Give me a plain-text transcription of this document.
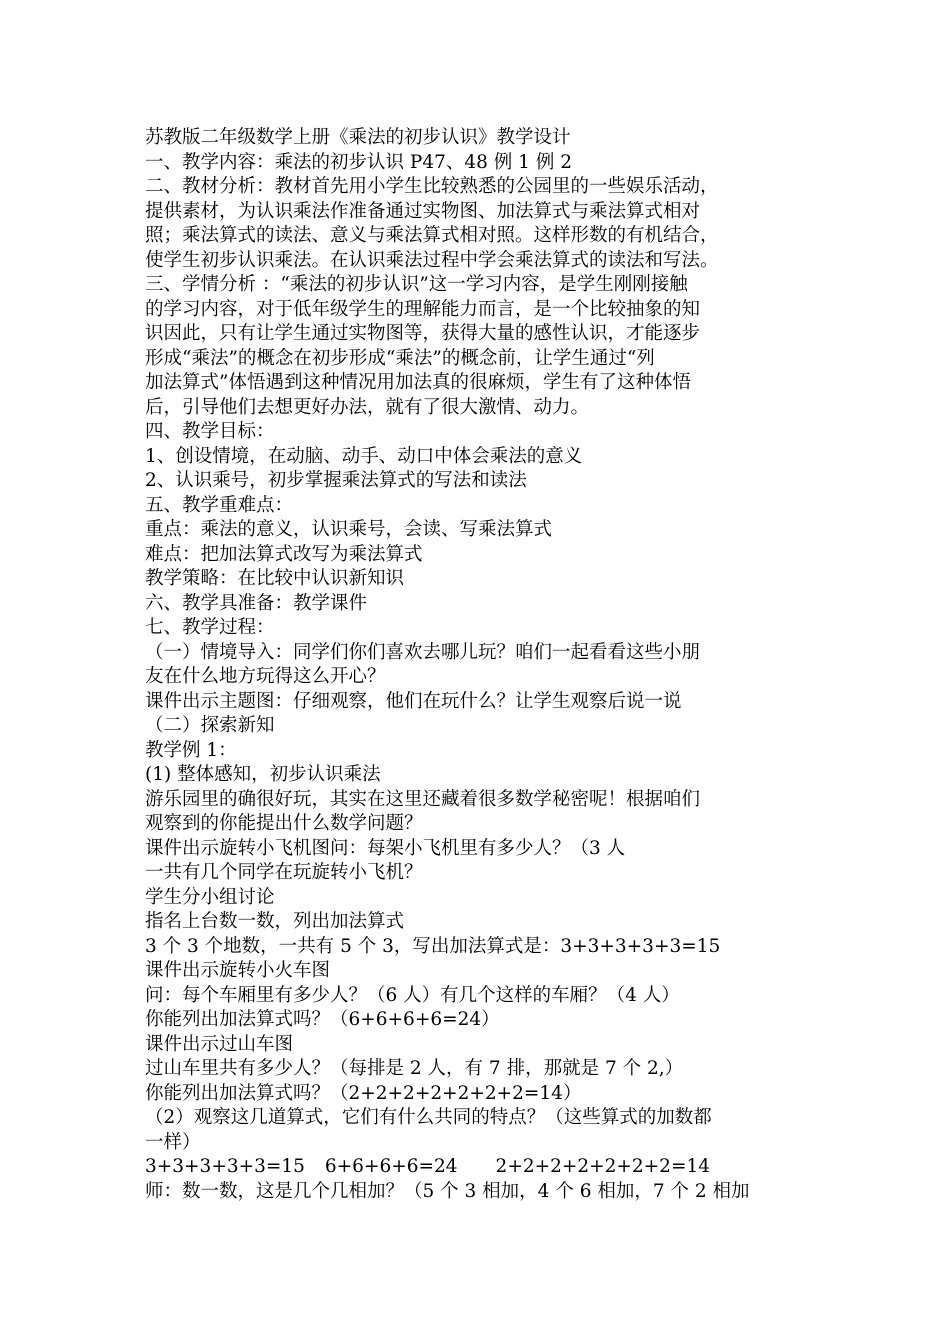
苏教版二年级数学上册《乘法的初步认识》教学设计
一、教学内容：乘法的初步认识 P47、48 例 1 例 2
二、教材分析：教材首先用小学生比较熟悉的公园里的一些娱乐活动，
提供素材，为认识乘法作准备通过实物图、加法算式与乘法算式相对
照；乘法算式的读法、意义与乘法算式相对照。这样形数的有机结合，
使学生初步认识乘法。在认识乘法过程中学会乘法算式的读法和写法。
三、学情分析 ：“乘法的初步认识”这一学习内容，是学生刚刚接触
的学习内容，对于低年级学生的理解能力而言，是一个比较抽象的知
识因此，只有让学生通过实物图等，获得大量的感性认识，才能逐步
形成“乘法”的概念在初步形成“乘法”的概念前，让学生通过“列
加法算式”体悟遇到这种情况用加法真的很麻烦，学生有了这种体悟
后，引导他们去想更好办法，就有了很大激情、动力。
四、教学目标：
1、创设情境，在动脑、动手、动口中体会乘法的意义
2、认识乘号，初步掌握乘法算式的写法和读法
五、教学重难点：
重点：乘法的意义，认识乘号，会读、写乘法算式
难点：把加法算式改写为乘法算式
教学策略：在比较中认识新知识
六、教学具准备：教学课件
七、教学过程：
（一）情境导入：同学们你们喜欢去哪儿玩？咱们一起看看这些小朋
友在什么地方玩得这么开心？
课件出示主题图：仔细观察，他们在玩什么？让学生观察后说一说
（二）探索新知
教学例 1：
(1) 整体感知，初步认识乘法
游乐园里的确很好玩，其实在这里还藏着很多数学秘密呢！根据咱们
观察到的你能提出什么数学问题？
课件出示旋转小飞机图问：每架小飞机里有多少人？（3 人
一共有几个同学在玩旋转小飞机？
学生分小组讨论
指名上台数一数，列出加法算式
3 个 3 个地数，一共有 5 个 3，写出加法算式是：3+3+3+3+3=15
课件出示旋转小火车图
问：每个车厢里有多少人？（6 人）有几个这样的车厢？（4 人）
你能列出加法算式吗？（6+6+6+6=24）
课件出示过山车图
过山车里共有多少人？（每排是 2 人，有 7 排，那就是 7 个 2,）
你能列出加法算式吗？（2+2+2+2+2+2+2=14）
（2）观察这几道算式，它们有什么共同的特点？（这些算式的加数都
一样）
3+3+3+3+3=15 6+6+6+6=24 2+2+2+2+2+2+2=14
师：数一数，这是几个几相加？（5 个 3 相加，4 个 6 相加，7 个 2 相加
